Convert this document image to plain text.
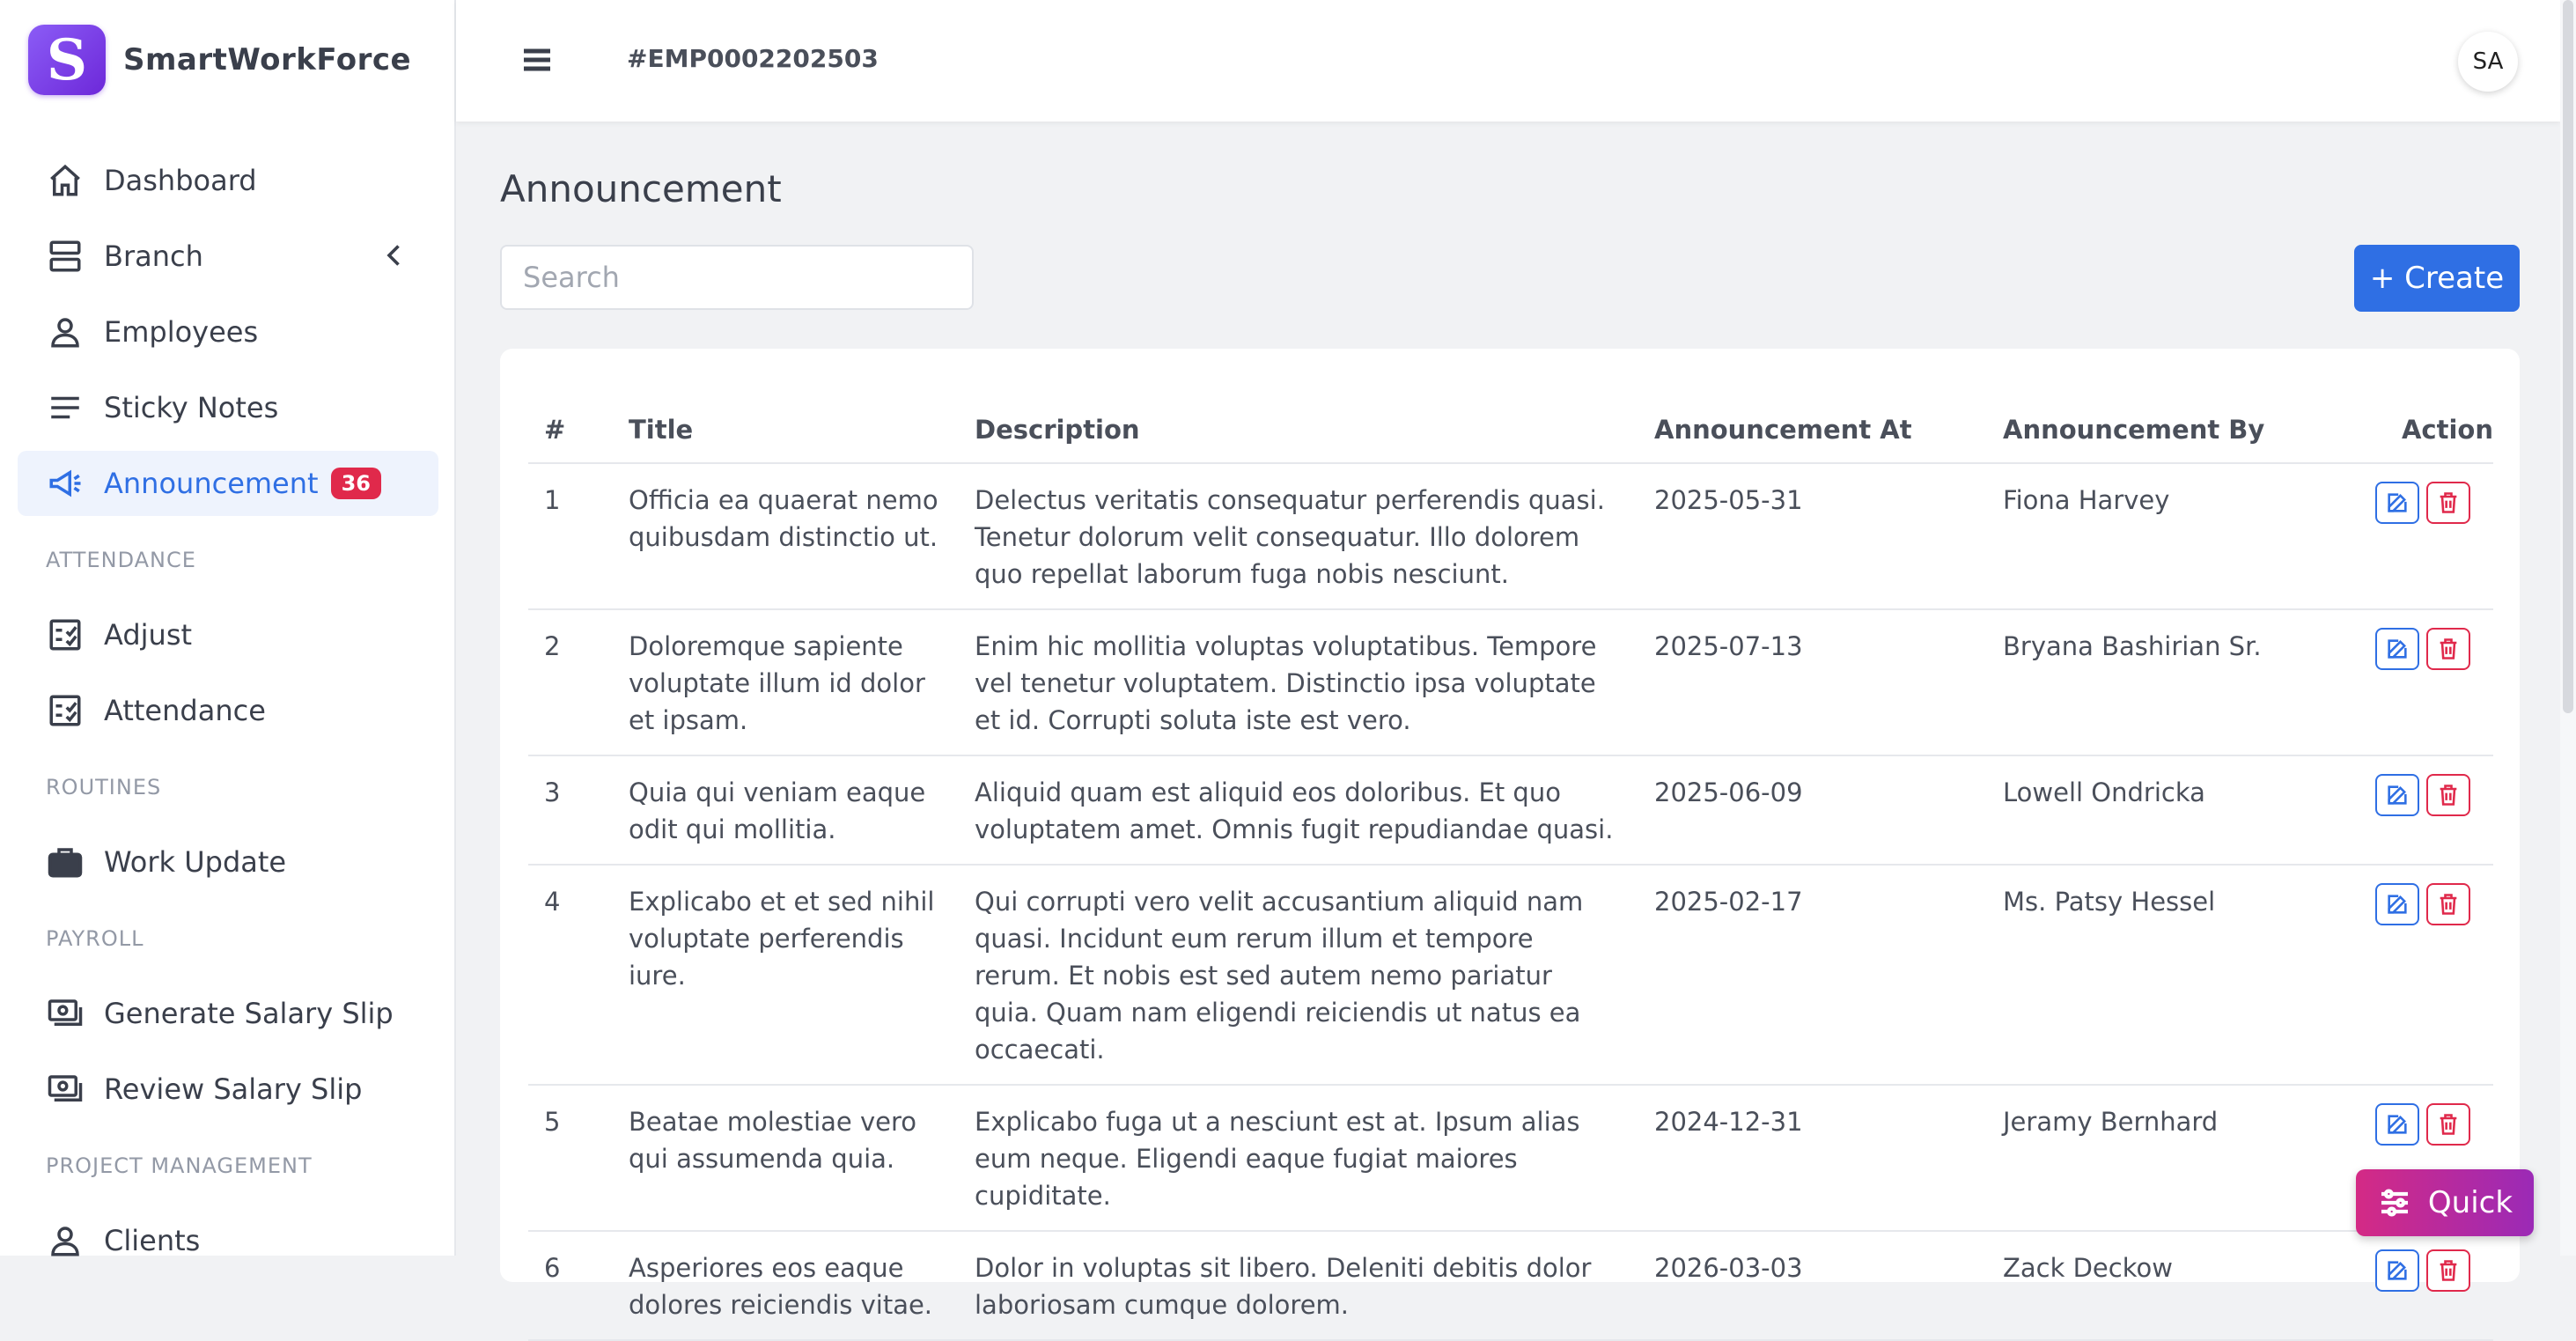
S	SmartWorkForce
Dashboard
Branch
Employees
Sticky Notes
Announcement	36
ATTENDANCE
Adjust
Attendance
ROUTINES
Work Update
PAYROLL
Generate Salary Slip
Review Salary Slip
PROJECT MANAGEMENT
Clients
#EMP0002202503	SA
Announcement
Search
+ Create
#	Title	Description	Announcement At	Announcement By	Action
1	Officia ea quaerat nemo quibusdam distinctio ut.	Delectus veritatis consequatur perferendis quasi. Tenetur dolorum velit consequatur. Illo dolorem quo repellat laborum fuga nobis nesciunt.	2025-05-31	Fiona Harvey	

2	Doloremque sapiente voluptate illum id dolor et ipsam.	Enim hic mollitia voluptas voluptatibus. Tempore vel tenetur voluptatem. Distinctio ipsa voluptate et id. Corrupti soluta iste est vero.	2025-07-13	Bryana Bashirian Sr.	

3	Quia qui veniam eaque odit qui mollitia.	Aliquid quam est aliquid eos doloribus. Et quo voluptatem amet. Omnis fugit repudiandae quasi.	2025-06-09	Lowell Ondricka	

4	Explicabo et et sed nihil voluptate perferendis iure.	Qui corrupti vero velit accusantium aliquid nam quasi. Incidunt eum rerum illum et tempore rerum. Et nobis est sed autem nemo pariatur quia. Quam nam eligendi reiciendis ut natus ea occaecati.	2025-02-17	Ms. Patsy Hessel	

5	Beatae molestiae vero qui assumenda quia.	Explicabo fuga ut a nesciunt est at. Ipsum alias eum neque. Eligendi eaque fugiat maiores cupiditate.	2024-12-31	Jeramy Bernhard	

6	Asperiores eos eaque dolores reiciendis vitae.	Dolor in voluptas sit libero. Deleniti debitis dolor laboriosam cumque dolorem.	2026-03-03	Zack Deckow	
Quick
